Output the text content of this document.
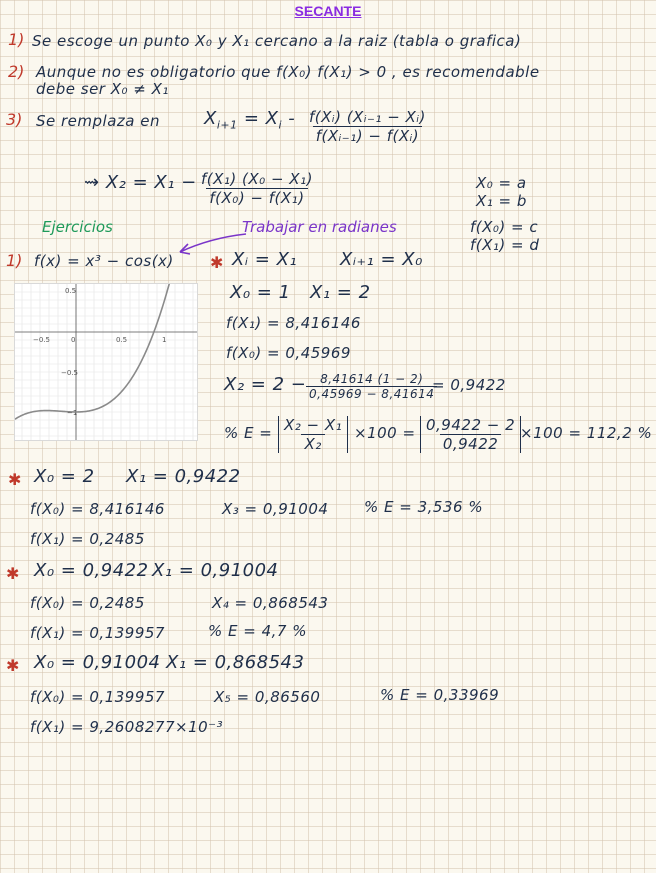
SECANTE
1) Se escoge un punto X₀ y X₁ cercano a la raiz (tabla o grafica)
2) Aunque no es obligatorio que f(X₀) f(X₁) > 0 , es recomendable
debe ser X₀ ≠ X₁
3) Se remplaza en $X_{i+1} = X_i - \frac{\text{f(Xᵢ) (Xᵢ₋₁ − Xᵢ)}}{\text{f(Xᵢ₋₁) − f(Xᵢ)}}$
⇝ $X_2 = X_1 - \frac{\text{f(X₁) (X₀ − X₁)}}{\text{f(X₀) − f(X₁)}}$	X₀ = a
X₁ = b
f(X₀) = c
f(X₁) = d
Ejercicios	Trabajar en radianes
1) f(x) = x³ − cos(x) ✱ Xᵢ = X₁ Xᵢ₊₁ = X₀
−0.5	0	0.5	1
0.5
−0.5
−1
X₀ = 1 X₁ = 2
f(X₁) = 8,416146
f(X₀) = 0,45969
$X_2 = 2 - \frac{8,41614 (1 - 2)}{0,45969 - 8,41614}$
= 0,9422
% $E = \frac{\text{X₂ − X₁}}{\text{X₂}} \times 100 = \frac{0,9422 - 2}{0,9422} \times 100 = 112,2$ %
✱ X₀ = 2 X₁ = 0,9422
f(X₀) = 8,416146	X₃ = 0,91004 % E = 3,536 %
f(X₁) = 0,2485
✱ X₀ = 0,9422 X₁ = 0,91004
f(X₀) = 0,2485	X₄ = 0,868543
f(X₁) = 0,139957	% E = 4,7 %
✱ X₀ = 0,91004 X₁ = 0,868543
f(X₀) = 0,139957	X₅ = 0,86560	% E = 0,33969
f(X₁) = 9,2608277×10⁻³
